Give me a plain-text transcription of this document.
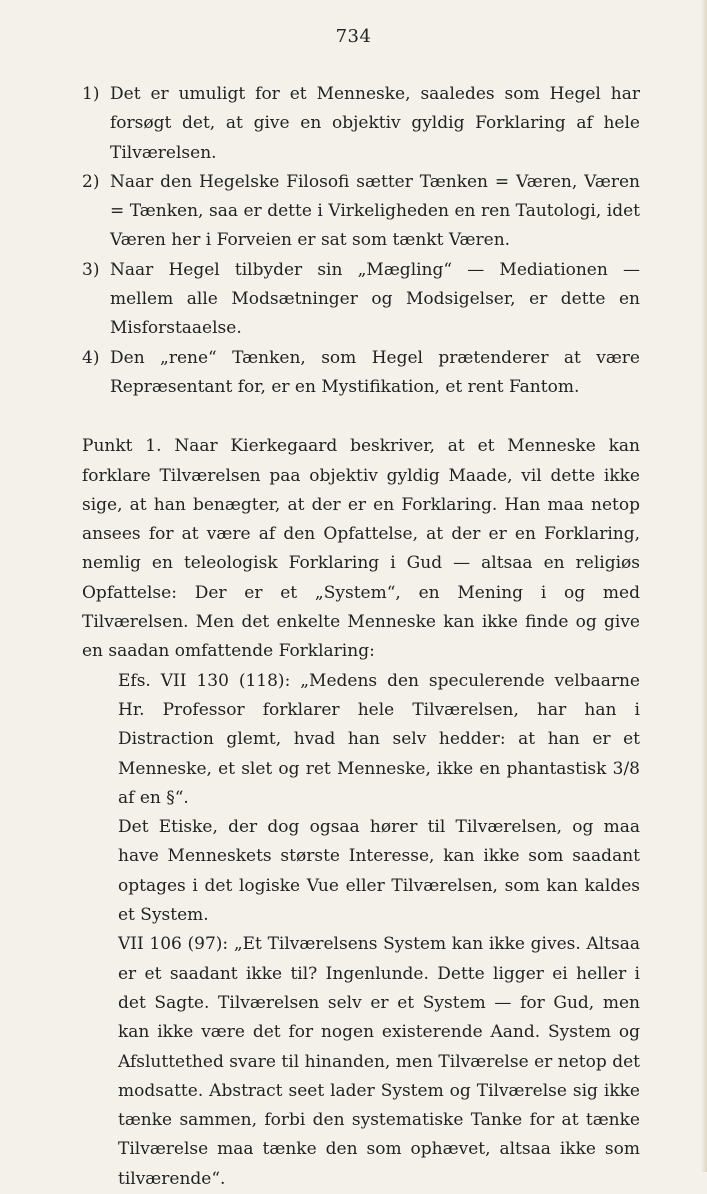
734
1) Det er umuligt for et Menneske, saaledes som Hegel har forsøgt det, at give en objektiv gyldig Forklaring af hele Tilværelsen.
2) Naar den Hegelske Filosofi sætter Tænken = Væren, Væren = Tænken, saa er dette i Virkeligheden en ren Tautologi, idet Væren her i Forveien er sat som tænkt Væren.
3) Naar Hegel tilbyder sin „Mægling“ — Mediationen — mellem alle Modsætninger og Modsigelser, er dette en Misforstaaelse.
4) Den „rene“ Tænken, som Hegel prætenderer at være Repræsentant for, er en Mystifikation, et rent Fantom.

Punkt 1. Naar Kierkegaard beskriver, at et Menneske kan forklare Tilværelsen paa objektiv gyldig Maade, vil dette ikke sige, at han benægter, at der er en Forklaring. Han maa netop ansees for at være af den Opfattelse, at der er en Forklaring, nemlig en teleologisk Forklaring i Gud — altsaa en religiøs Opfattelse: Der er et „System“, en Mening i og med Tilværelsen. Men det enkelte Menneske kan ikke finde og give en saadan omfattende Forklaring:

Efs. VII 130 (118): „Medens den speculerende velbaarne Hr. Professor forklarer hele Tilværelsen, har han i Distraction glemt, hvad han selv hedder: at han er et Menneske, et slet og ret Menneske, ikke en phantastisk 3/8 af en §“.

Det Etiske, der dog ogsaa hører til Tilværelsen, og maa have Menneskets største Interesse, kan ikke som saadant optages i det logiske Vue eller Tilværelsen, som kan kaldes et System.

VII 106 (97): „Et Tilværelsens System kan ikke gives. Altsaa er et saadant ikke til? Ingenlunde. Dette ligger ei heller i det Sagte. Tilværelsen selv er et System — for Gud, men kan ikke være det for nogen existerende Aand. System og Afsluttethed svare til hinanden, men Tilværelse er netop det modsatte. Abstract seet lader System og Tilværelse sig ikke tænke sammen, forbi den systematiske Tanke for at tænke Tilværelse maa tænke den som ophævet, altsaa ikke som tilværende“.
